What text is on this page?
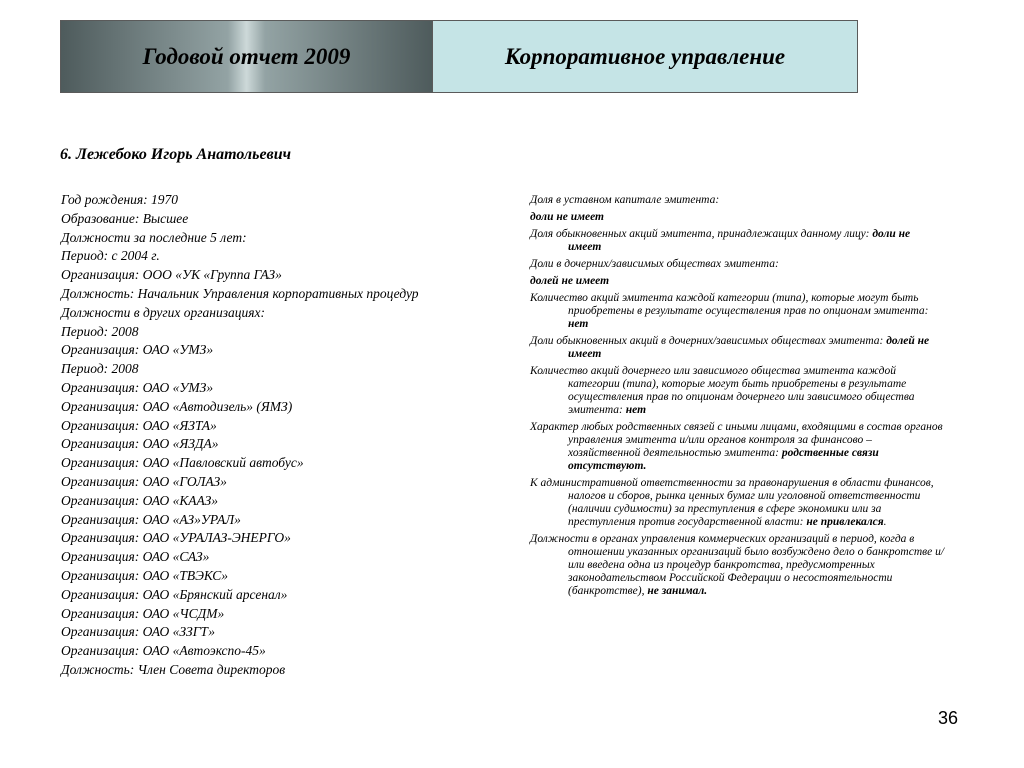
Годовой отчет 2009	Корпоративное управление
6. Лежебоко Игорь Анатольевич
Год рождения: 1970
Образование: Высшее
Должности за последние 5 лет:
Период: с 2004 г.
Организация: ООО «УК «Группа ГАЗ»
Должность: Начальник Управления корпоративных процедур
Должности в других организациях:
Период: 2008
Организация: ОАО «УМЗ»
Период: 2008
Организация: ОАО «УМЗ»
Организация: ОАО «Автодизель» (ЯМЗ)
Организация: ОАО «ЯЗТА»
Организация: ОАО «ЯЗДА»
Организация: ОАО «Павловский автобус»
Организация: ОАО «ГОЛАЗ»
Организация: ОАО «КААЗ»
Организация: ОАО «АЗ»УРАЛ»
Организация: ОАО «УРАЛАЗ-ЭНЕРГО»
Организация: ОАО «САЗ»
Организация: ОАО «ТВЭКС»
Организация: ОАО «Брянский арсенал»
Организация: ОАО «ЧСДМ»
Организация: ОАО «ЗЗГТ»
Организация: ОАО «Автоэкспо-45»
Должность: Член Совета директоров
Доля в уставном капитале эмитента:
доли не имеет
Доля обыкновенных акций эмитента, принадлежащих данному лицу: доли не имеет
Доли в дочерних/зависимых обществах эмитента:
долей не имеет
Количество акций эмитента каждой категории (типа), которые могут быть приобретены в результате осуществления прав по опционам эмитента: нет
Доли обыкновенных акций в дочерних/зависимых обществах эмитента: долей не имеет
Количество акций дочернего или зависимого общества эмитента каждой категории (типа), которые могут быть приобретены в результате осуществления прав по опционам дочернего или зависимого общества эмитента: нет
Характер любых родственных связей с иными лицами, входящими в состав органов управления эмитента и/или органов контроля за финансово – хозяйственной деятельностью эмитента: родственные связи отсутствуют.
К административной ответственности за правонарушения в области финансов, налогов и сборов, рынка ценных бумаг или уголовной ответственности (наличии судимости) за преступления в сфере экономики или за преступления против государственной власти: не привлекался.
Должности в органах управления коммерческих организаций в период, когда в отношении указанных организаций было возбуждено дело о банкротстве и/или введена одна из процедур банкротства, предусмотренных законодательством Российской Федерации о несостоятельности (банкротстве), не занимал.
36
